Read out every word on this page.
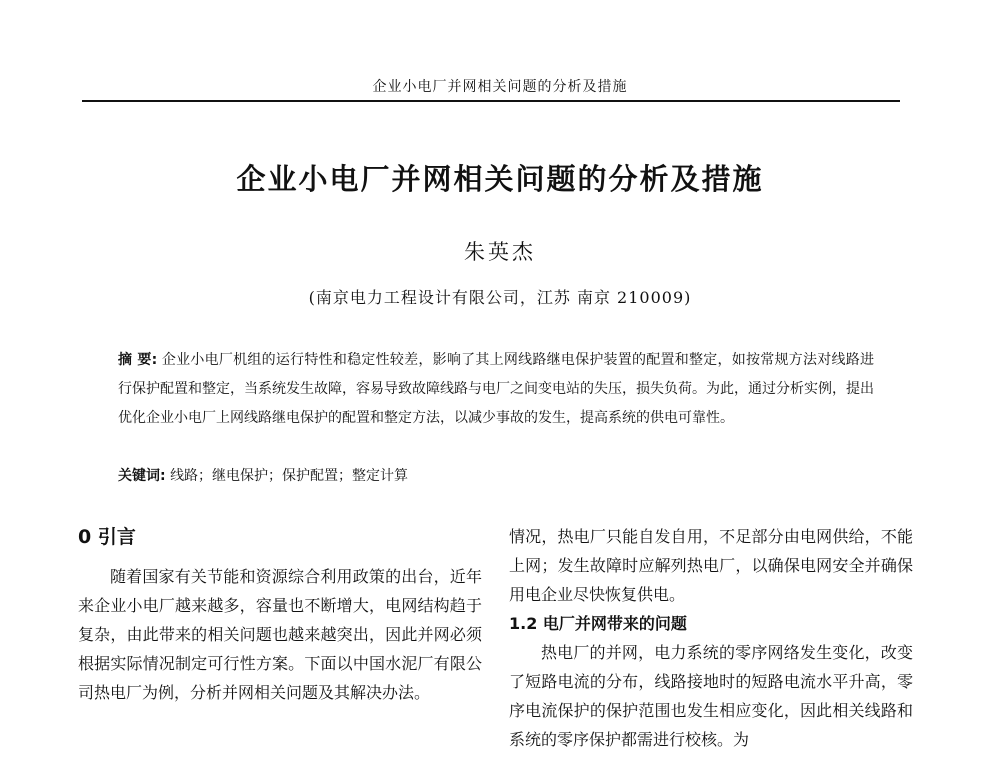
企业小电厂并网相关问题的分析及措施
企业小电厂并网相关问题的分析及措施
朱英杰
(南京电力工程设计有限公司，江苏 南京 210009)
摘 要: 企业小电厂机组的运行特性和稳定性较差，影响了其上网线路继电保护装置的配置和整定，如按常规方法对线路进行保护配置和整定，当系统发生故障，容易导致故障线路与电厂之间变电站的失压，损失负荷。为此，通过分析实例，提出优化企业小电厂上网线路继电保护的配置和整定方法，以减少事故的发生，提高系统的供电可靠性。
关键词: 线路；继电保护；保护配置；整定计算
0 引言

随着国家有关节能和资源综合利用政策的出台，近年来企业小电厂越来越多，容量也不断增大，电网结构趋于复杂，由此带来的相关问题也越来越突出，因此并网必须根据实际情况制定可行性方案。下面以中国水泥厂有限公司热电厂为例，分析并网相关问题及其解决办法。

情况，热电厂只能自发自用，不足部分由电网供给，不能上网；发生故障时应解列热电厂，以确保电网安全并确保用电企业尽快恢复供电。

1.2 电厂并网带来的问题

热电厂的并网，电力系统的零序网络发生变化，改变了短路电流的分布，线路接地时的短路电流水平升高，零序电流保护的保护范围也发生相应变化，因此相关线路和系统的零序保护都需进行校核。为
